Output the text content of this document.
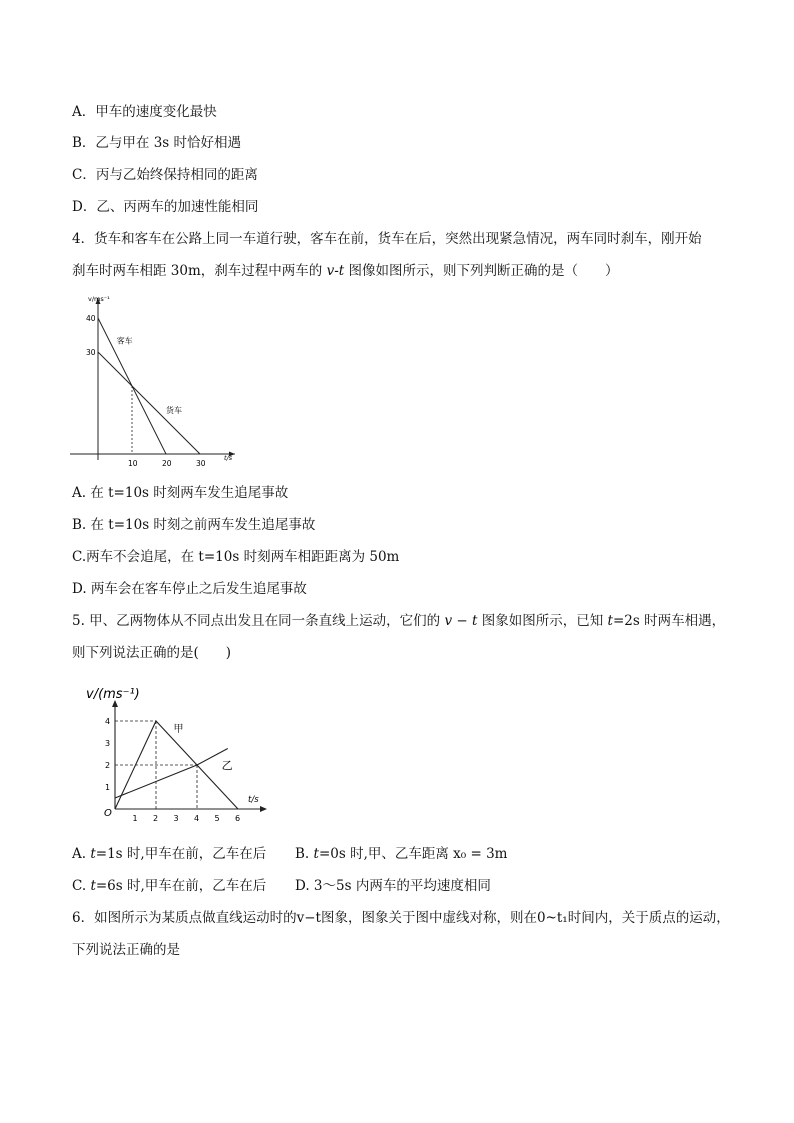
A．甲车的速度变化最快
B．乙与甲在 3s 时恰好相遇
C．丙与乙始终保持相同的距离
D．乙、丙两车的加速性能相同
4．货车和客车在公路上同一车道行驶，客车在前，货车在后，突然出现紧急情况，两车同时刹车，刚开始
刹车时两车相距 30m，刹车过程中两车的 v-t 图像如图所示，则下列判断正确的是（　　）
v/ms⁻¹
t/s
40
30
10	20	30
客车
货车
A. 在 t=10s 时刻两车发生追尾事故
B. 在 t=10s 时刻之前两车发生追尾事故
C.两车不会追尾，在 t=10s 时刻两车相距距离为 50m
D. 两车会在客车停止之后发生追尾事故
5. 甲、乙两物体从不同点出发且在同一条直线上运动，它们的 v − t 图象如图所示，已知 t=2s 时两车相遇，
则下列说法正确的是(　　)
v/(ms⁻¹)
t/s
O	1 2 3 4 5 6
1
2
3
4
甲
乙
A. t=1s 时,甲车在前，乙车在后 B. t=0s 时,甲、乙车距离 x₀ = 3m
C. t=6s 时,甲车在前，乙车在后 D. 3～5s 内两车的平均速度相同
6．如图所示为某质点做直线运动时的v−t图象，图象关于图中虚线对称，则在0~t₁时间内，关于质点的运动，
下列说法正确的是
